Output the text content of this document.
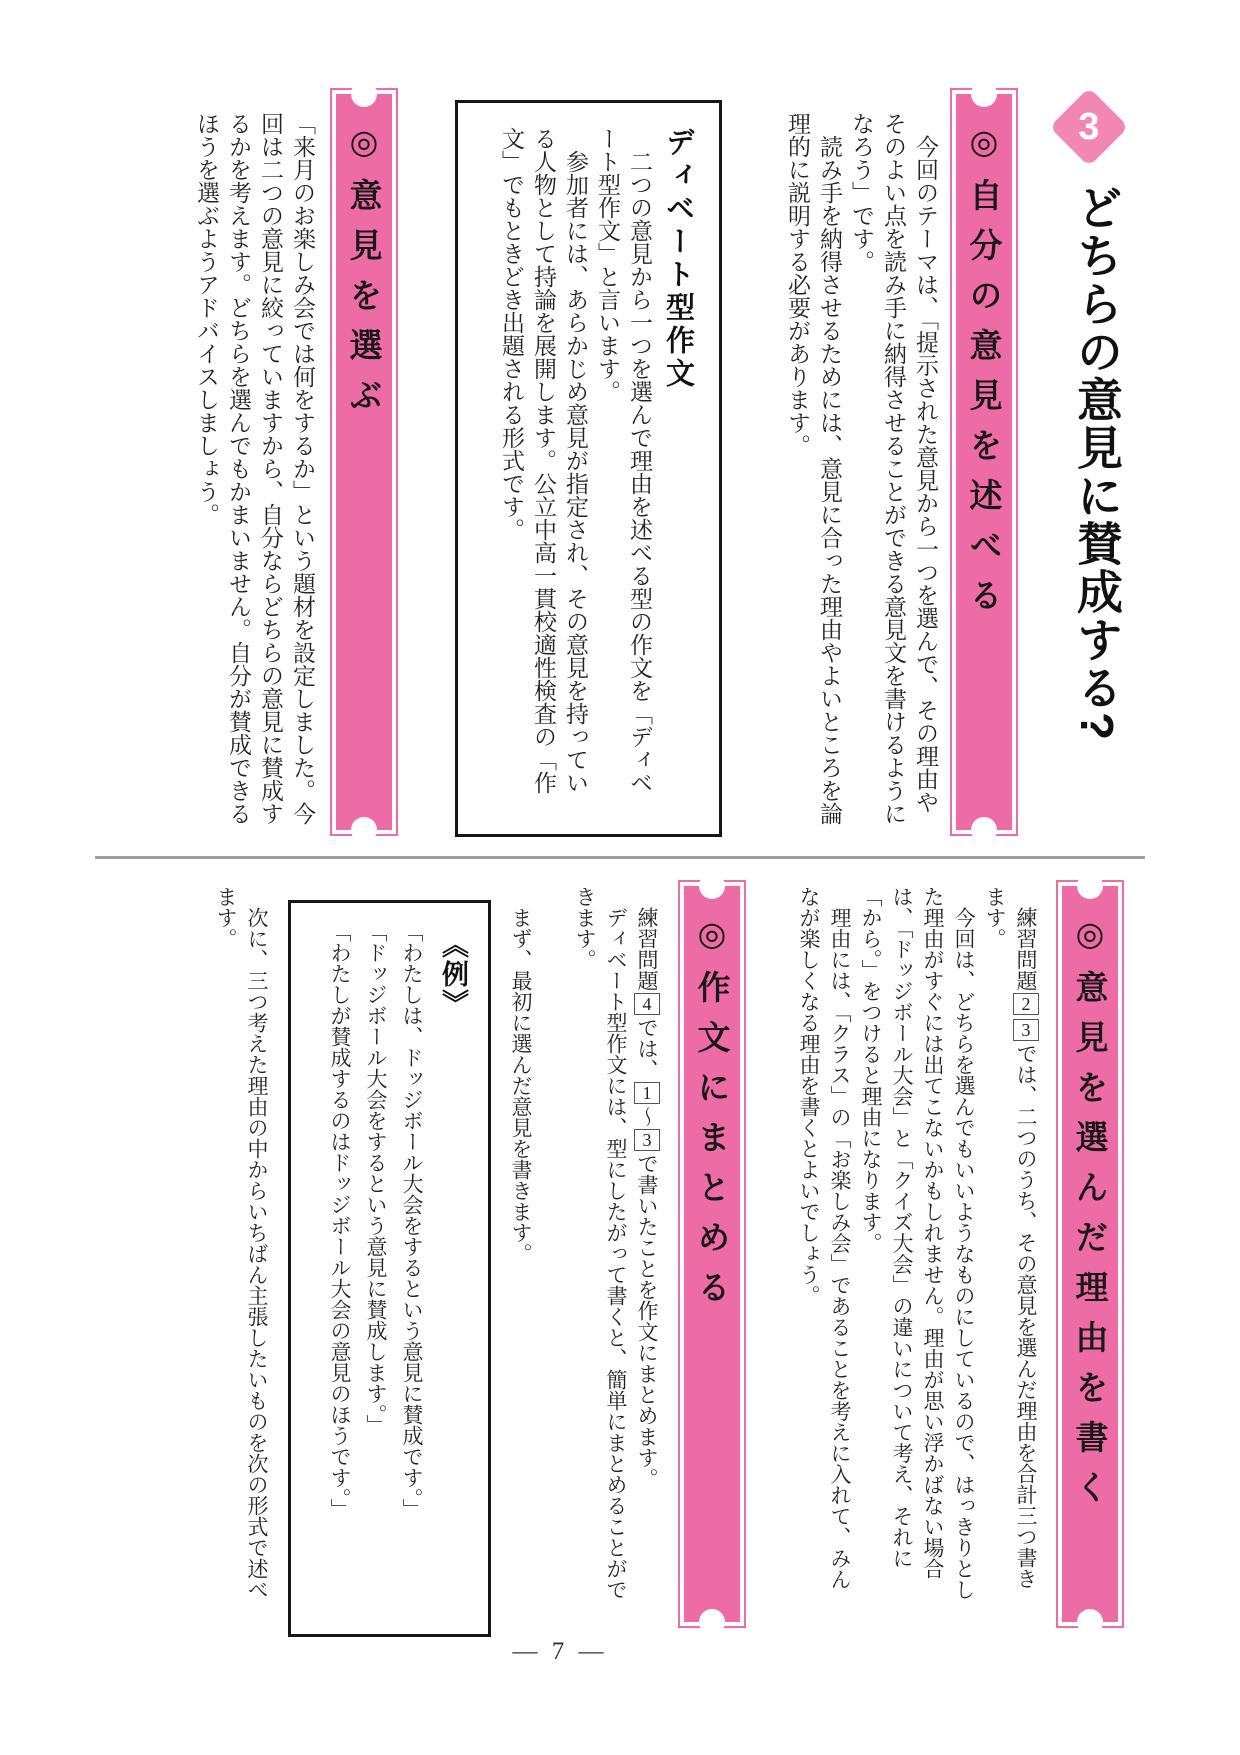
3
どちらの意見に賛成する?
◎自分の意見を述べる

今回のテーマは、「提示された意見から一つを選んで、その理由やそのよい点を読み手に納得させることができる意見文を書けるようになろう」です。

読み手を納得させるためには、意見に合った理由やよいところを論理的に説明する必要があります。

ディベート型作文

二つの意見から一つを選んで理由を述べる型の作文を「ディベート型作文」と言います。

参加者には、あらかじめ意見が指定され、その意見を持っている人物として持論を展開します。公立中高一貫校適性検査の「作文」でもときどき出題される形式です。

◎意見を選ぶ

「来月のお楽しみ会では何をするか」という題材を設定しました。今回は二つの意見に絞っていますから、自分ならどちらの意見に賛成するかを考えます。どちらを選んでもかまいません。自分が賛成できるほうを選ぶようアドバイスしましょう。

◎意見を選んだ理由を書く

練習問題23では、二つのうち、その意見を選んだ理由を合計三つ書きます。

今回は、どちらを選んでもいいようなものにしているので、はっきりとした理由がすぐには出てこないかもしれません。理由が思い浮かばない場合は、「ドッジボール大会」と「クイズ大会」の違いについて考え、それに「から。」をつけると理由になります。

理由には、「クラス」の「お楽しみ会」であることを考えに入れて、みんなが楽しくなる理由を書くとよいでしょう。

◎作文にまとめる

練習問題4では、1～3で書いたことを作文にまとめます。

ディベート型作文には、型にしたがって書くと、簡単にまとめることができます。

まず、最初に選んだ意見を書きます。

《例》

「わたしは、ドッジボール大会をするという意見に賛成です。」

「ドッジボール大会をするという意見に賛成します。」

「わたしが賛成するのはドッジボール大会の意見のほうです。」

次に、三つ考えた理由の中からいちばん主張したいものを次の形式で述べます。

— 7 —
